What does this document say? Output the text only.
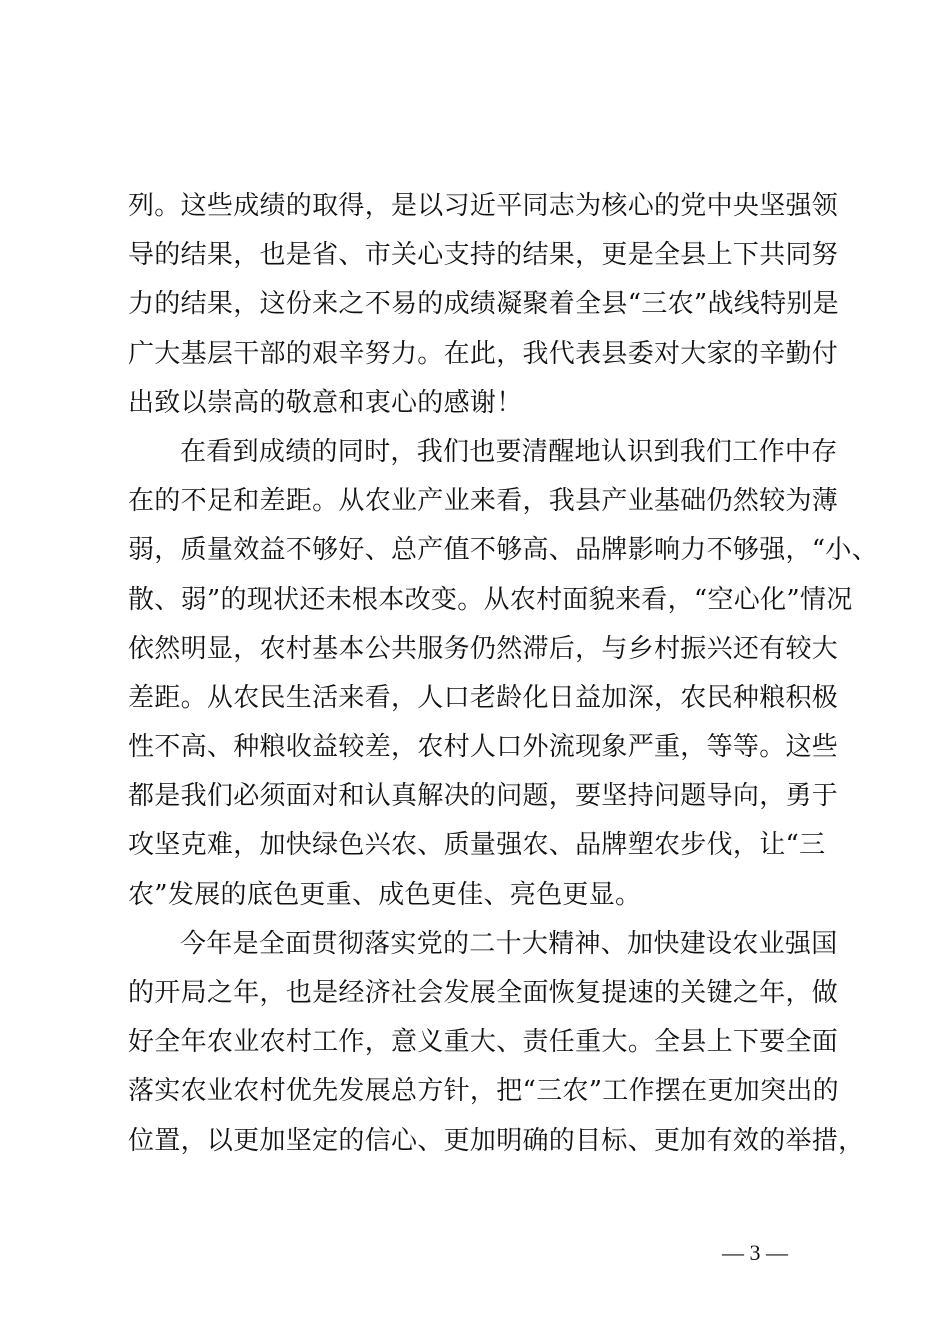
列。这些成绩的取得，是以习近平同志为核心的党中央坚强领
导的结果，也是省、市关心支持的结果，更是全县上下共同努
力的结果，这份来之不易的成绩凝聚着全县“三农”战线特别是
广大基层干部的艰辛努力。在此，我代表县委对大家的辛勤付
出致以崇高的敬意和衷心的感谢！
在看到成绩的同时，我们也要清醒地认识到我们工作中存
在的不足和差距。从农业产业来看，我县产业基础仍然较为薄
弱，质量效益不够好、总产值不够高、品牌影响力不够强，“小、
散、弱”的现状还未根本改变。从农村面貌来看，“空心化”情况
依然明显，农村基本公共服务仍然滞后，与乡村振兴还有较大
差距。从农民生活来看，人口老龄化日益加深，农民种粮积极
性不高、种粮收益较差，农村人口外流现象严重，等等。这些
都是我们必须面对和认真解决的问题，要坚持问题导向，勇于
攻坚克难，加快绿色兴农、质量强农、品牌塑农步伐，让“三
农”发展的底色更重、成色更佳、亮色更显。
今年是全面贯彻落实党的二十大精神、加快建设农业强国
的开局之年，也是经济社会发展全面恢复提速的关键之年，做
好全年农业农村工作，意义重大、责任重大。全县上下要全面
落实农业农村优先发展总方针，把“三农”工作摆在更加突出的
位置，以更加坚定的信心、更加明确的目标、更加有效的举措，
— 3 —
